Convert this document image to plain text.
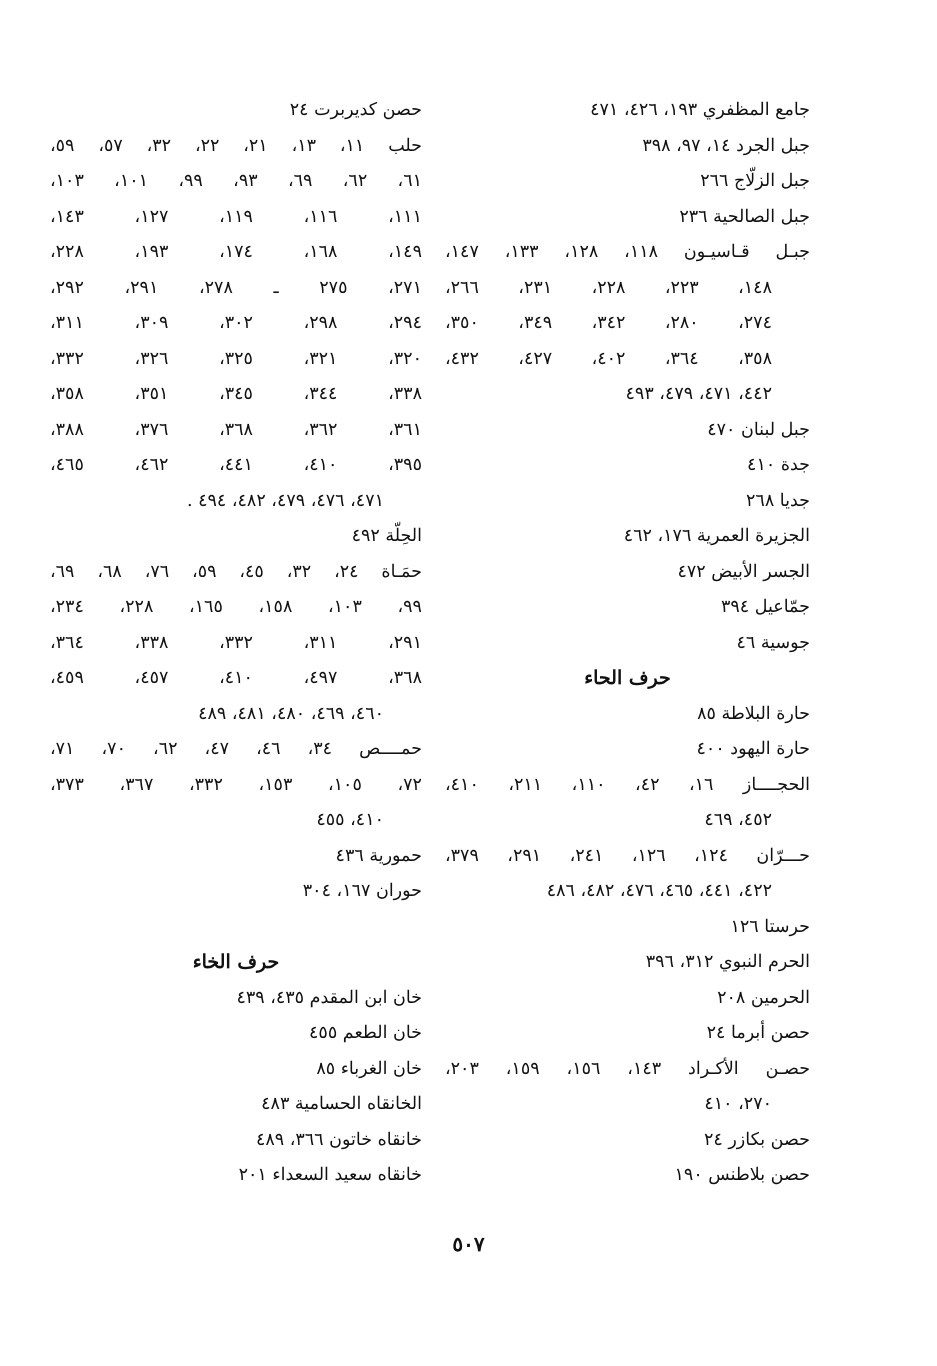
جامع المظفري ١٩٣، ٤٢٦، ٤٧١
جبل الجرد ١٤، ٩٧، ٣٩٨
جبل الزلّاج ٢٦٦
جبل الصالحية ٢٣٦
جبـل قـاسيـون ١١٨، ١٢٨، ١٣٣، ١٤٧،
١٤٨، ٢٢٣، ٢٢٨، ٢٣١، ٢٦٦،
٢٧٤، ٢٨٠، ٣٤٢، ٣٤٩، ٣٥٠،
٣٥٨، ٣٦٤، ٤٠٢، ٤٢٧، ٤٣٢،
٤٤٢، ٤٧١، ٤٧٩، ٤٩٣
جبل لبنان ٤٧٠
جدة ٤١٠
جديا ٢٦٨
الجزيرة العمرية ١٧٦، ٤٦٢
الجسر الأبيض ٤٧٢
جمّاعيل ٣٩٤
جوسية ٤٦
حرف الحاء
حارة البلاطة ٨٥
حارة اليهود ٤٠٠
الحجــــاز ١٦، ٤٢، ١١٠، ٢١١، ٤١٠،
٤٥٢، ٤٦٩
حـــرّان ١٢٤، ١٢٦، ٢٤١، ٢٩١، ٣٧٩،
٤٢٢، ٤٤١، ٤٦٥، ٤٧٦، ٤٨٢، ٤٨٦
حرستا ١٢٦
الحرم النبوي ٣١٢، ٣٩٦
الحرمين ٢٠٨
حصن أبرما ٢٤
حصـن الأكـراد ١٤٣، ١٥٦، ١٥٩، ٢٠٣،
٢٧٠، ٤١٠
حصن بكازر ٢٤
حصن بلاطنس ١٩٠
حصن كديربرت ٢٤
حلب ١١، ١٣، ٢١، ٢٢، ٣٢، ٥٧، ٥٩،
٦١، ٦٢، ٦٩، ٩٣، ٩٩، ١٠١، ١٠٣،
١١١، ١١٦، ١١٩، ١٢٧، ١٤٣،
١٤٩، ١٦٨، ١٧٤، ١٩٣، ٢٢٨،
٢٧١، ٢٧٥ ـ ٢٧٨، ٢٩١، ٢٩٢،
٢٩٤، ٢٩٨، ٣٠٢، ٣٠٩، ٣١١،
٣٢٠، ٣٢١، ٣٢٥، ٣٢٦، ٣٣٢،
٣٣٨، ٣٤٤، ٣٤٥، ٣٥١، ٣٥٨،
٣٦١، ٣٦٢، ٣٦٨، ٣٧٦، ٣٨٨،
٣٩٥، ٤١٠، ٤٤١، ٤٦٢، ٤٦٥،
٤٧١، ٤٧٦، ٤٧٩، ٤٨٢، ٤٩٤ .
الحِلّة ٤٩٢
حمَـاة ٢٤، ٣٢، ٤٥، ٥٩، ٧٦، ٦٨، ٦٩،
٩٩، ١٠٣، ١٥٨، ١٦٥، ٢٢٨، ٢٣٤،
٢٩١، ٣١١، ٣٣٢، ٣٣٨، ٣٦٤،
٣٦٨، ٤٩٧، ٤١٠، ٤٥٧، ٤٥٩،
٤٦٠، ٤٦٩، ٤٨٠، ٤٨١، ٤٨٩
حمــــص ٣٤، ٤٦، ٤٧، ٦٢، ٧٠، ٧١،
٧٢، ١٠٥، ١٥٣، ٣٣٢، ٣٦٧، ٣٧٣،
٤١٠، ٤٥٥
حمورية ٤٣٦
حوران ١٦٧، ٣٠٤
حرف الخاء
خان ابن المقدم ٤٣٥، ٤٣٩
خان الطعم ٤٥٥
خان الغرباء ٨٥
الخانقاه الحسامية ٤٨٣
خانقاه خاتون ٣٦٦، ٤٨٩
خانقاه سعيد السعداء ٢٠١
٥٠٧
